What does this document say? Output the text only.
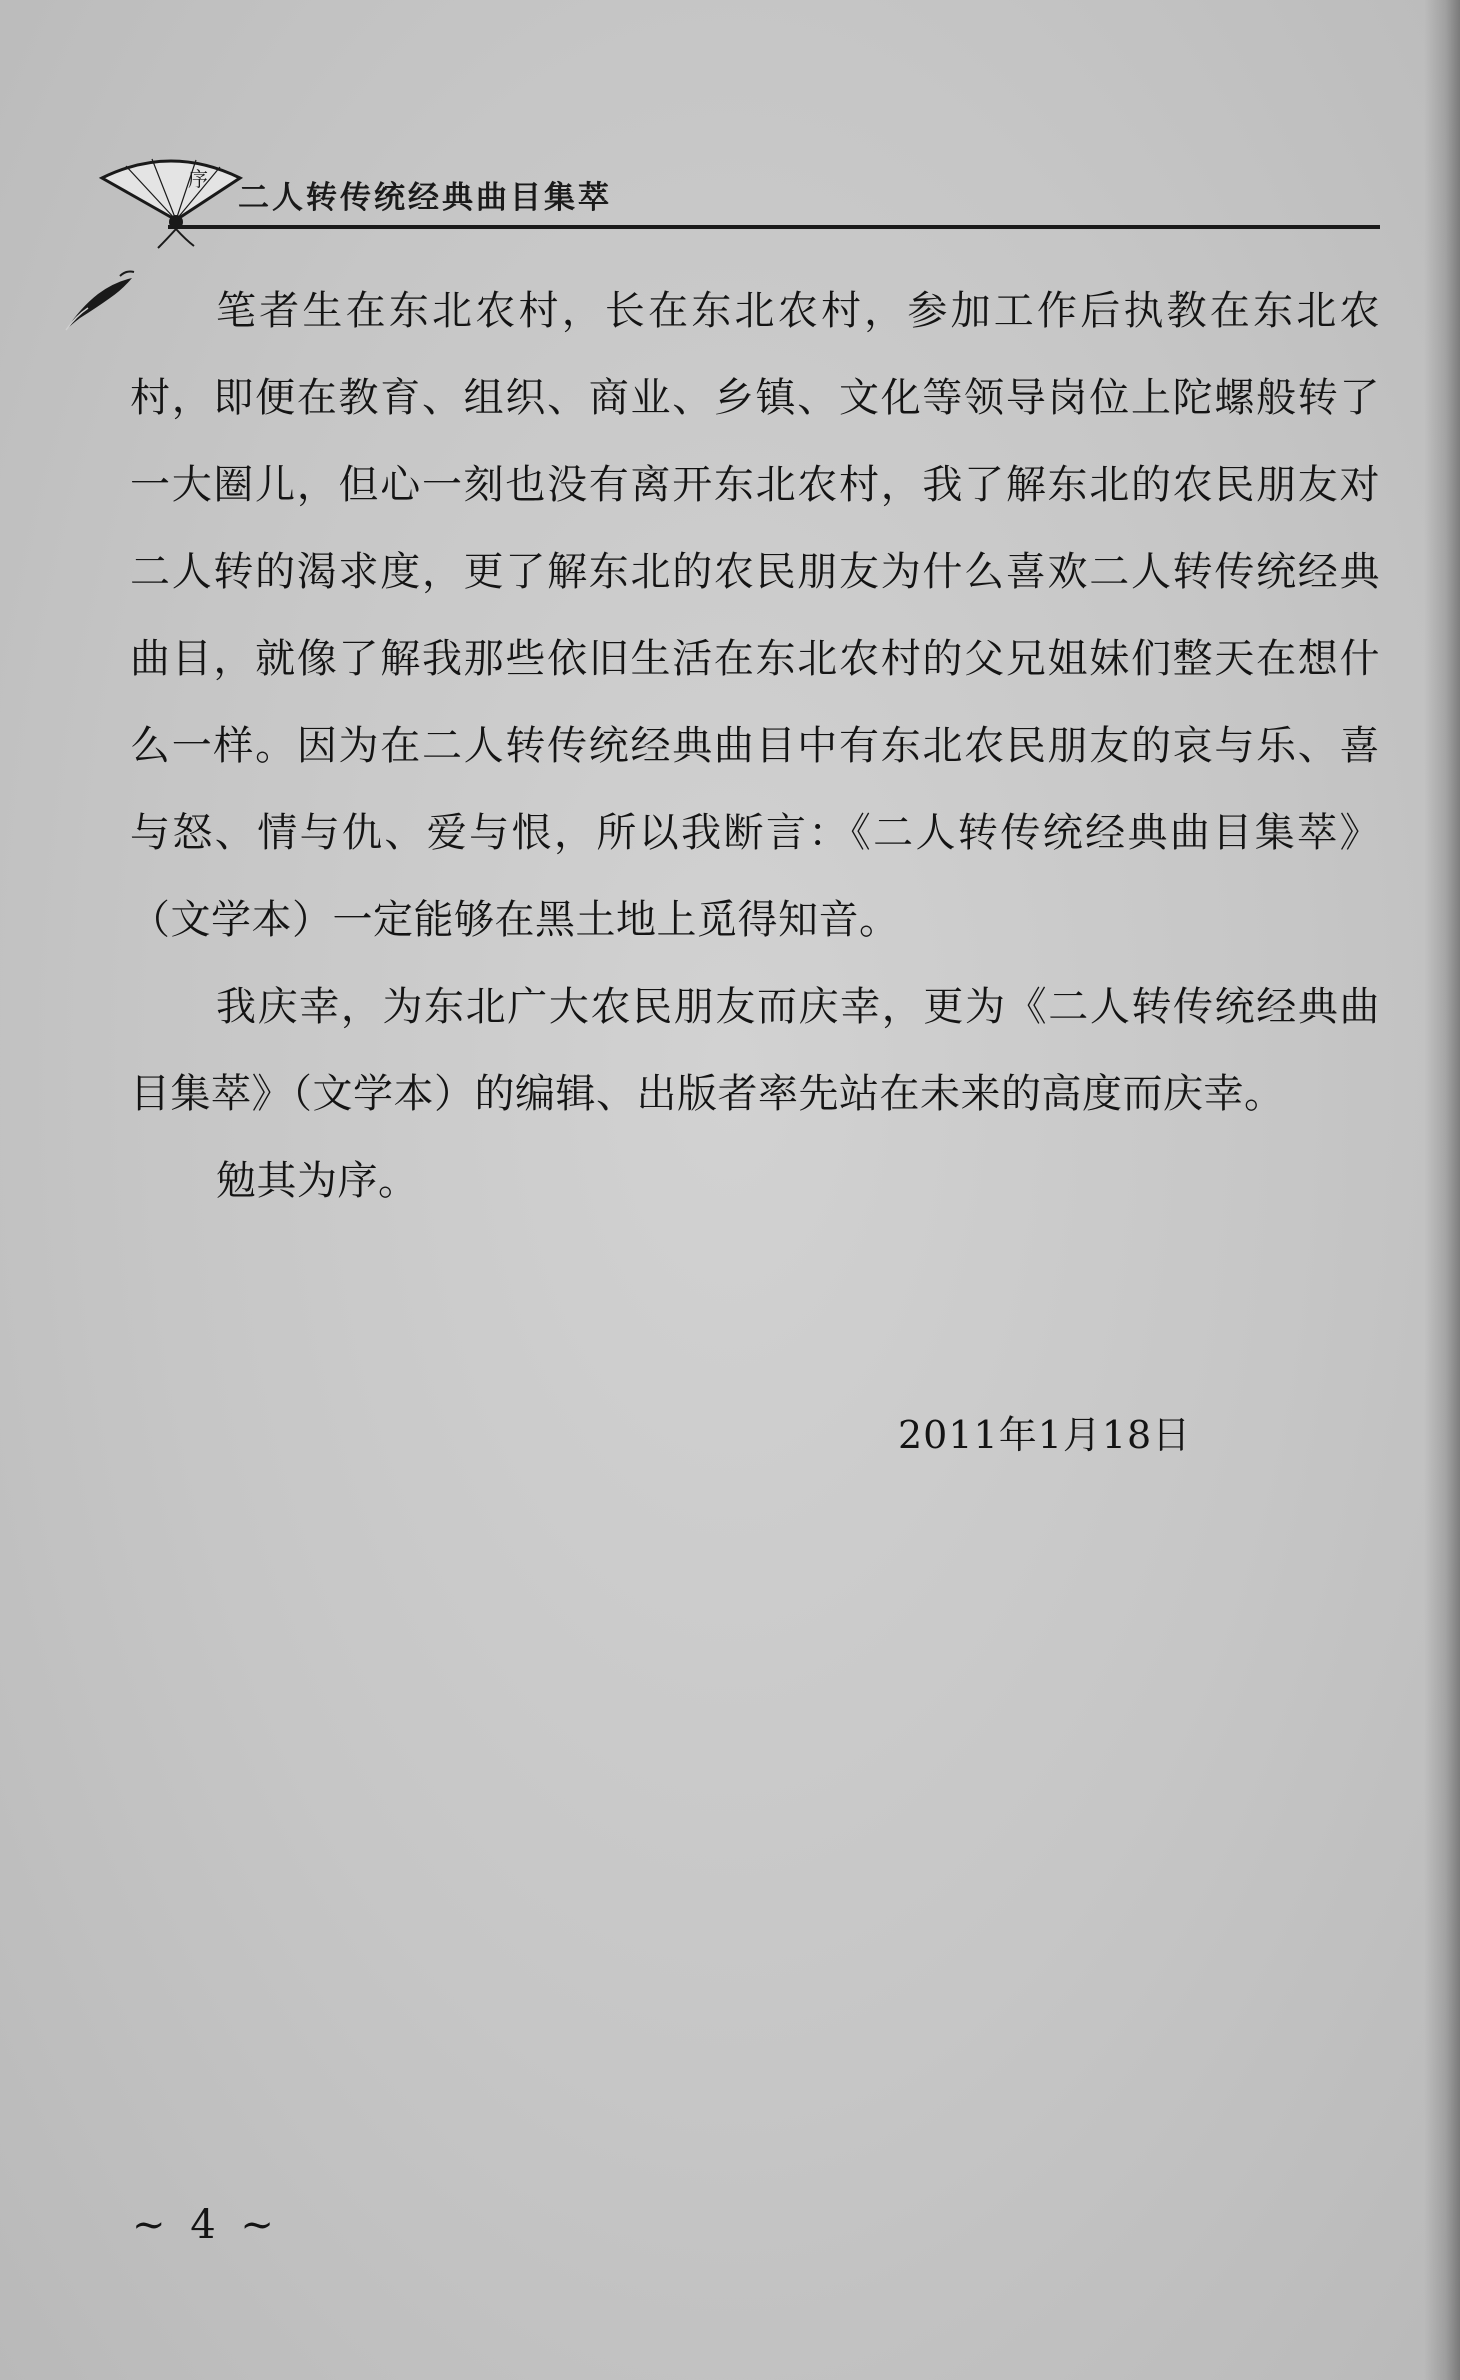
序
二人转传统经典曲目集萃

笔者生在东北农村，长在东北农村，参加工作后执教在东北农村，即便在教育、组织、商业、乡镇、文化等领导岗位上陀螺般转了一大圈儿，但心一刻也没有离开东北农村，我了解东北的农民朋友对二人转的渴求度，更了解东北的农民朋友为什么喜欢二人转传统经典曲目，就像了解我那些依旧生活在东北农村的父兄姐妹们整天在想什么一样。因为在二人转传统经典曲目中有东北农民朋友的哀与乐、喜与怒、情与仇、爱与恨，所以我断言：《二人转传统经典曲目集萃》（文学本）一定能够在黑土地上觅得知音。

我庆幸，为东北广大农民朋友而庆幸，更为《二人转传统经典曲目集萃》（文学本）的编辑、出版者率先站在未来的高度而庆幸。

勉其为序。

2011年1月18日
~ 4 ~
